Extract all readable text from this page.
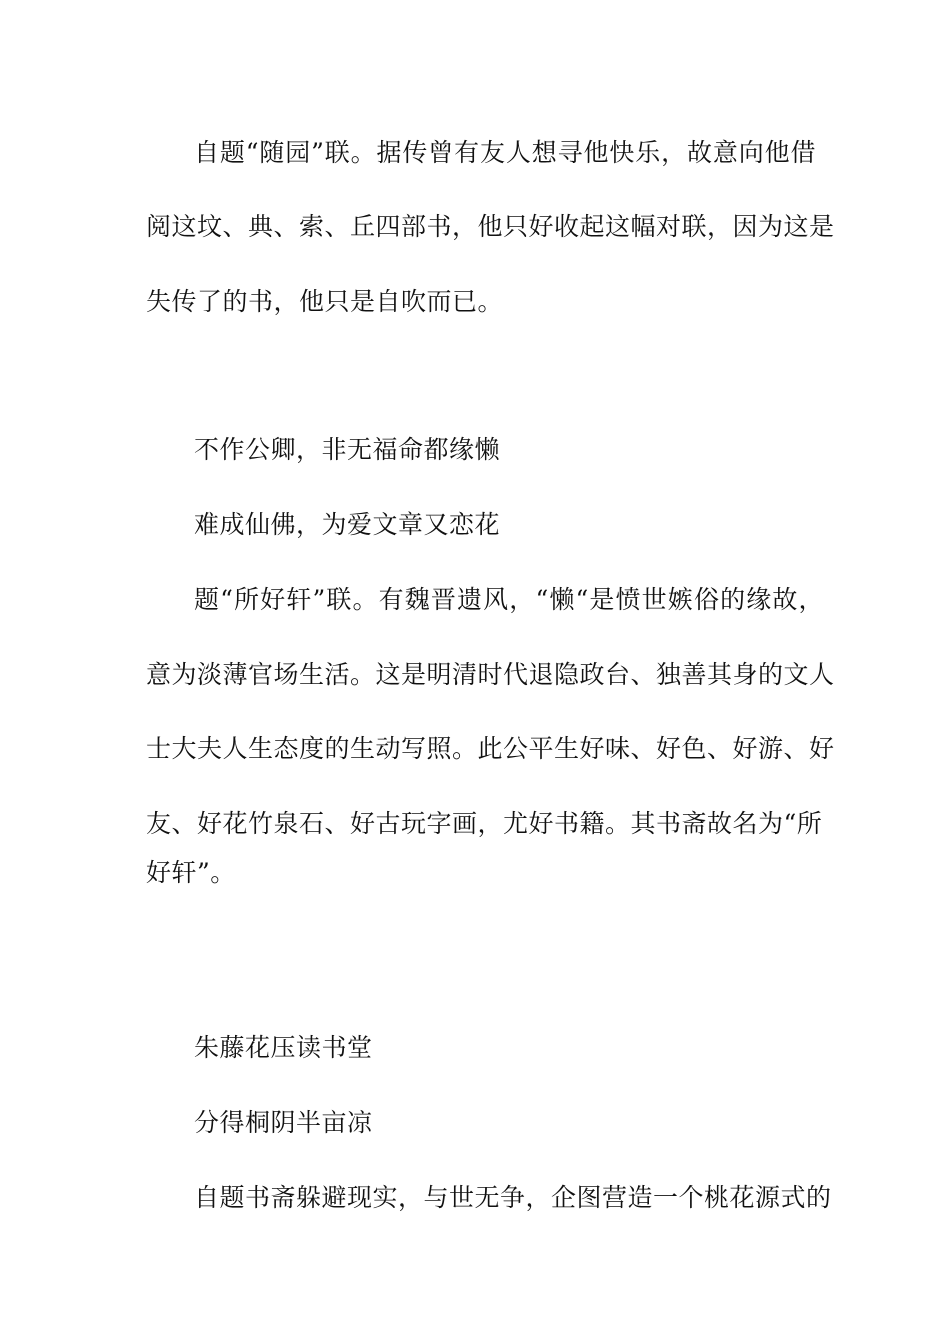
自题“随园”联。据传曾有友人想寻他快乐，故意向他借
阅这坟、典、索、丘四部书，他只好收起这幅对联，因为这是
失传了的书，他只是自吹而已。
不作公卿，非无福命都缘懒
难成仙佛，为爱文章又恋花
题“所好轩”联。有魏晋遗风，“懒“是愤世嫉俗的缘故，
意为淡薄官场生活。这是明清时代退隐政台、独善其身的文人
士大夫人生态度的生动写照。此公平生好味、好色、好游、好
友、好花竹泉石、好古玩字画，尤好书籍。其书斋故名为“所
好轩”。
朱藤花压读书堂
分得桐阴半亩凉
自题书斋躲避现实，与世无争，企图营造一个桃花源式的
